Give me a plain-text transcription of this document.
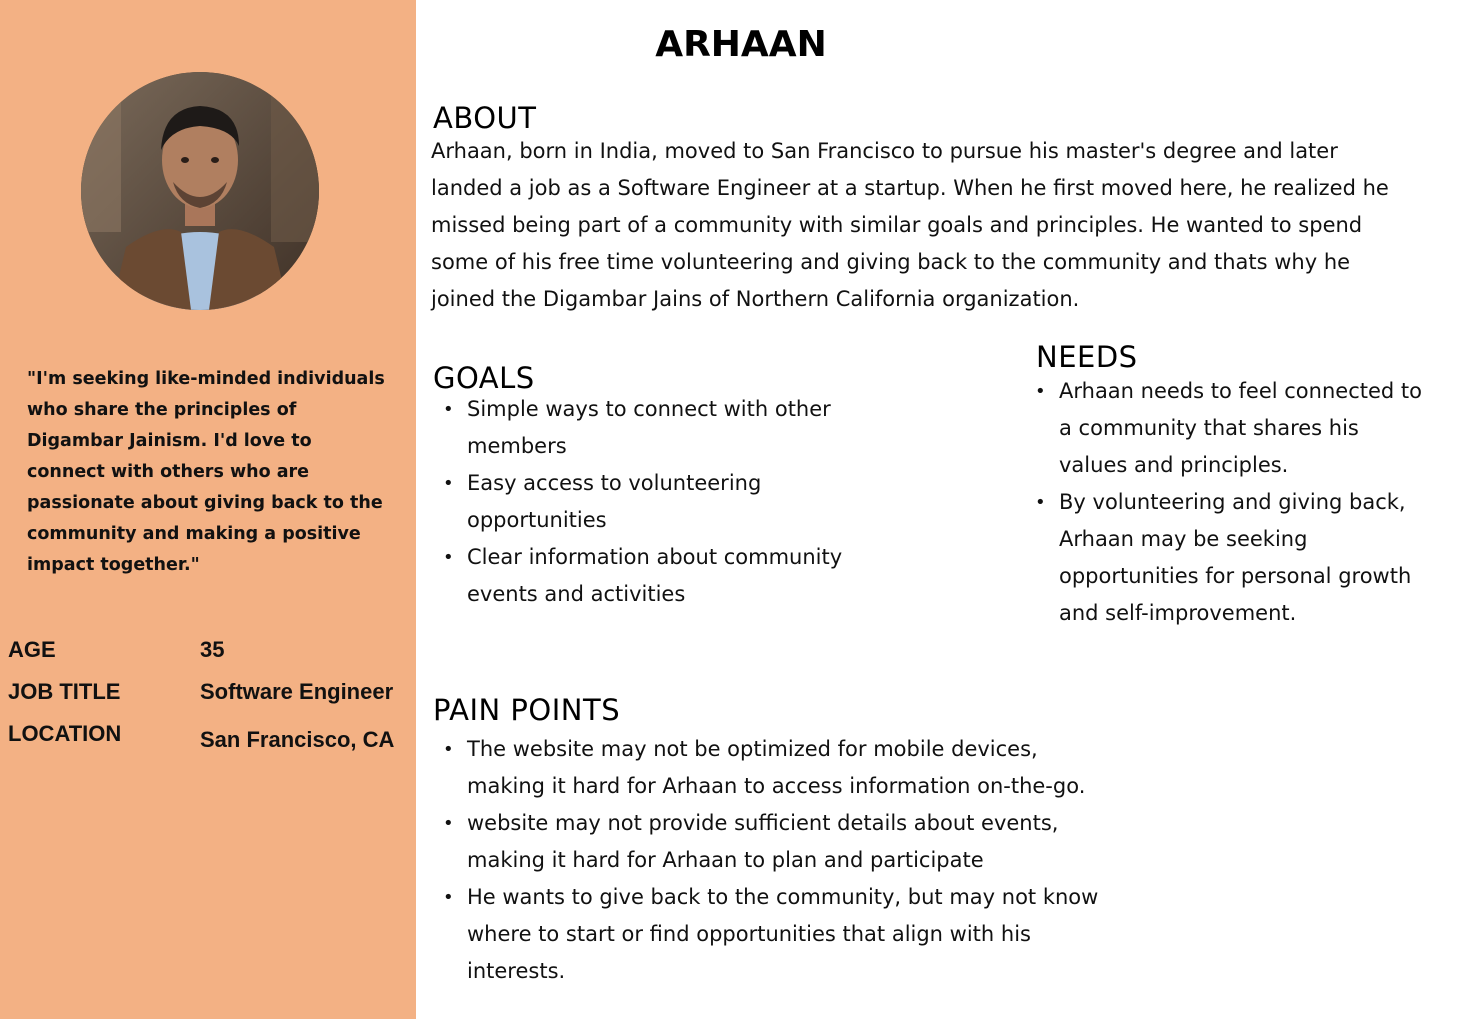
"I'm seeking like-minded individuals who share the principles of Digambar Jainism. I'd love to connect with others who are passionate about giving back to the community and making a positive impact together."

AGE	35
JOB TITLE	Software Engineer
LOCATION	San Francisco, CA
ARHAAN
ABOUT

Arhaan, born in India, moved to San Francisco to pursue his master's degree and later landed a job as a Software Engineer at a startup. When he first moved here, he realized he missed being part of a community with similar goals and principles. He wanted to spend some of his free time volunteering and giving back to the community and thats why he joined the Digambar Jains of Northern California organization.

GOALS
• Simple ways to connect with other members
• Easy access to volunteering opportunities
• Clear information about community events and activities
NEEDS
• Arhaan needs to feel connected to a community that shares his values and principles.
• By volunteering and giving back, Arhaan may be seeking opportunities for personal growth and self-improvement.
PAIN POINTS
• The website may not be optimized for mobile devices, making it hard for Arhaan to access information on-the-go.
• website may not provide sufficient details about events, making it hard for Arhaan to plan and participate
• He wants to give back to the community, but may not know where to start or find opportunities that align with his interests.
